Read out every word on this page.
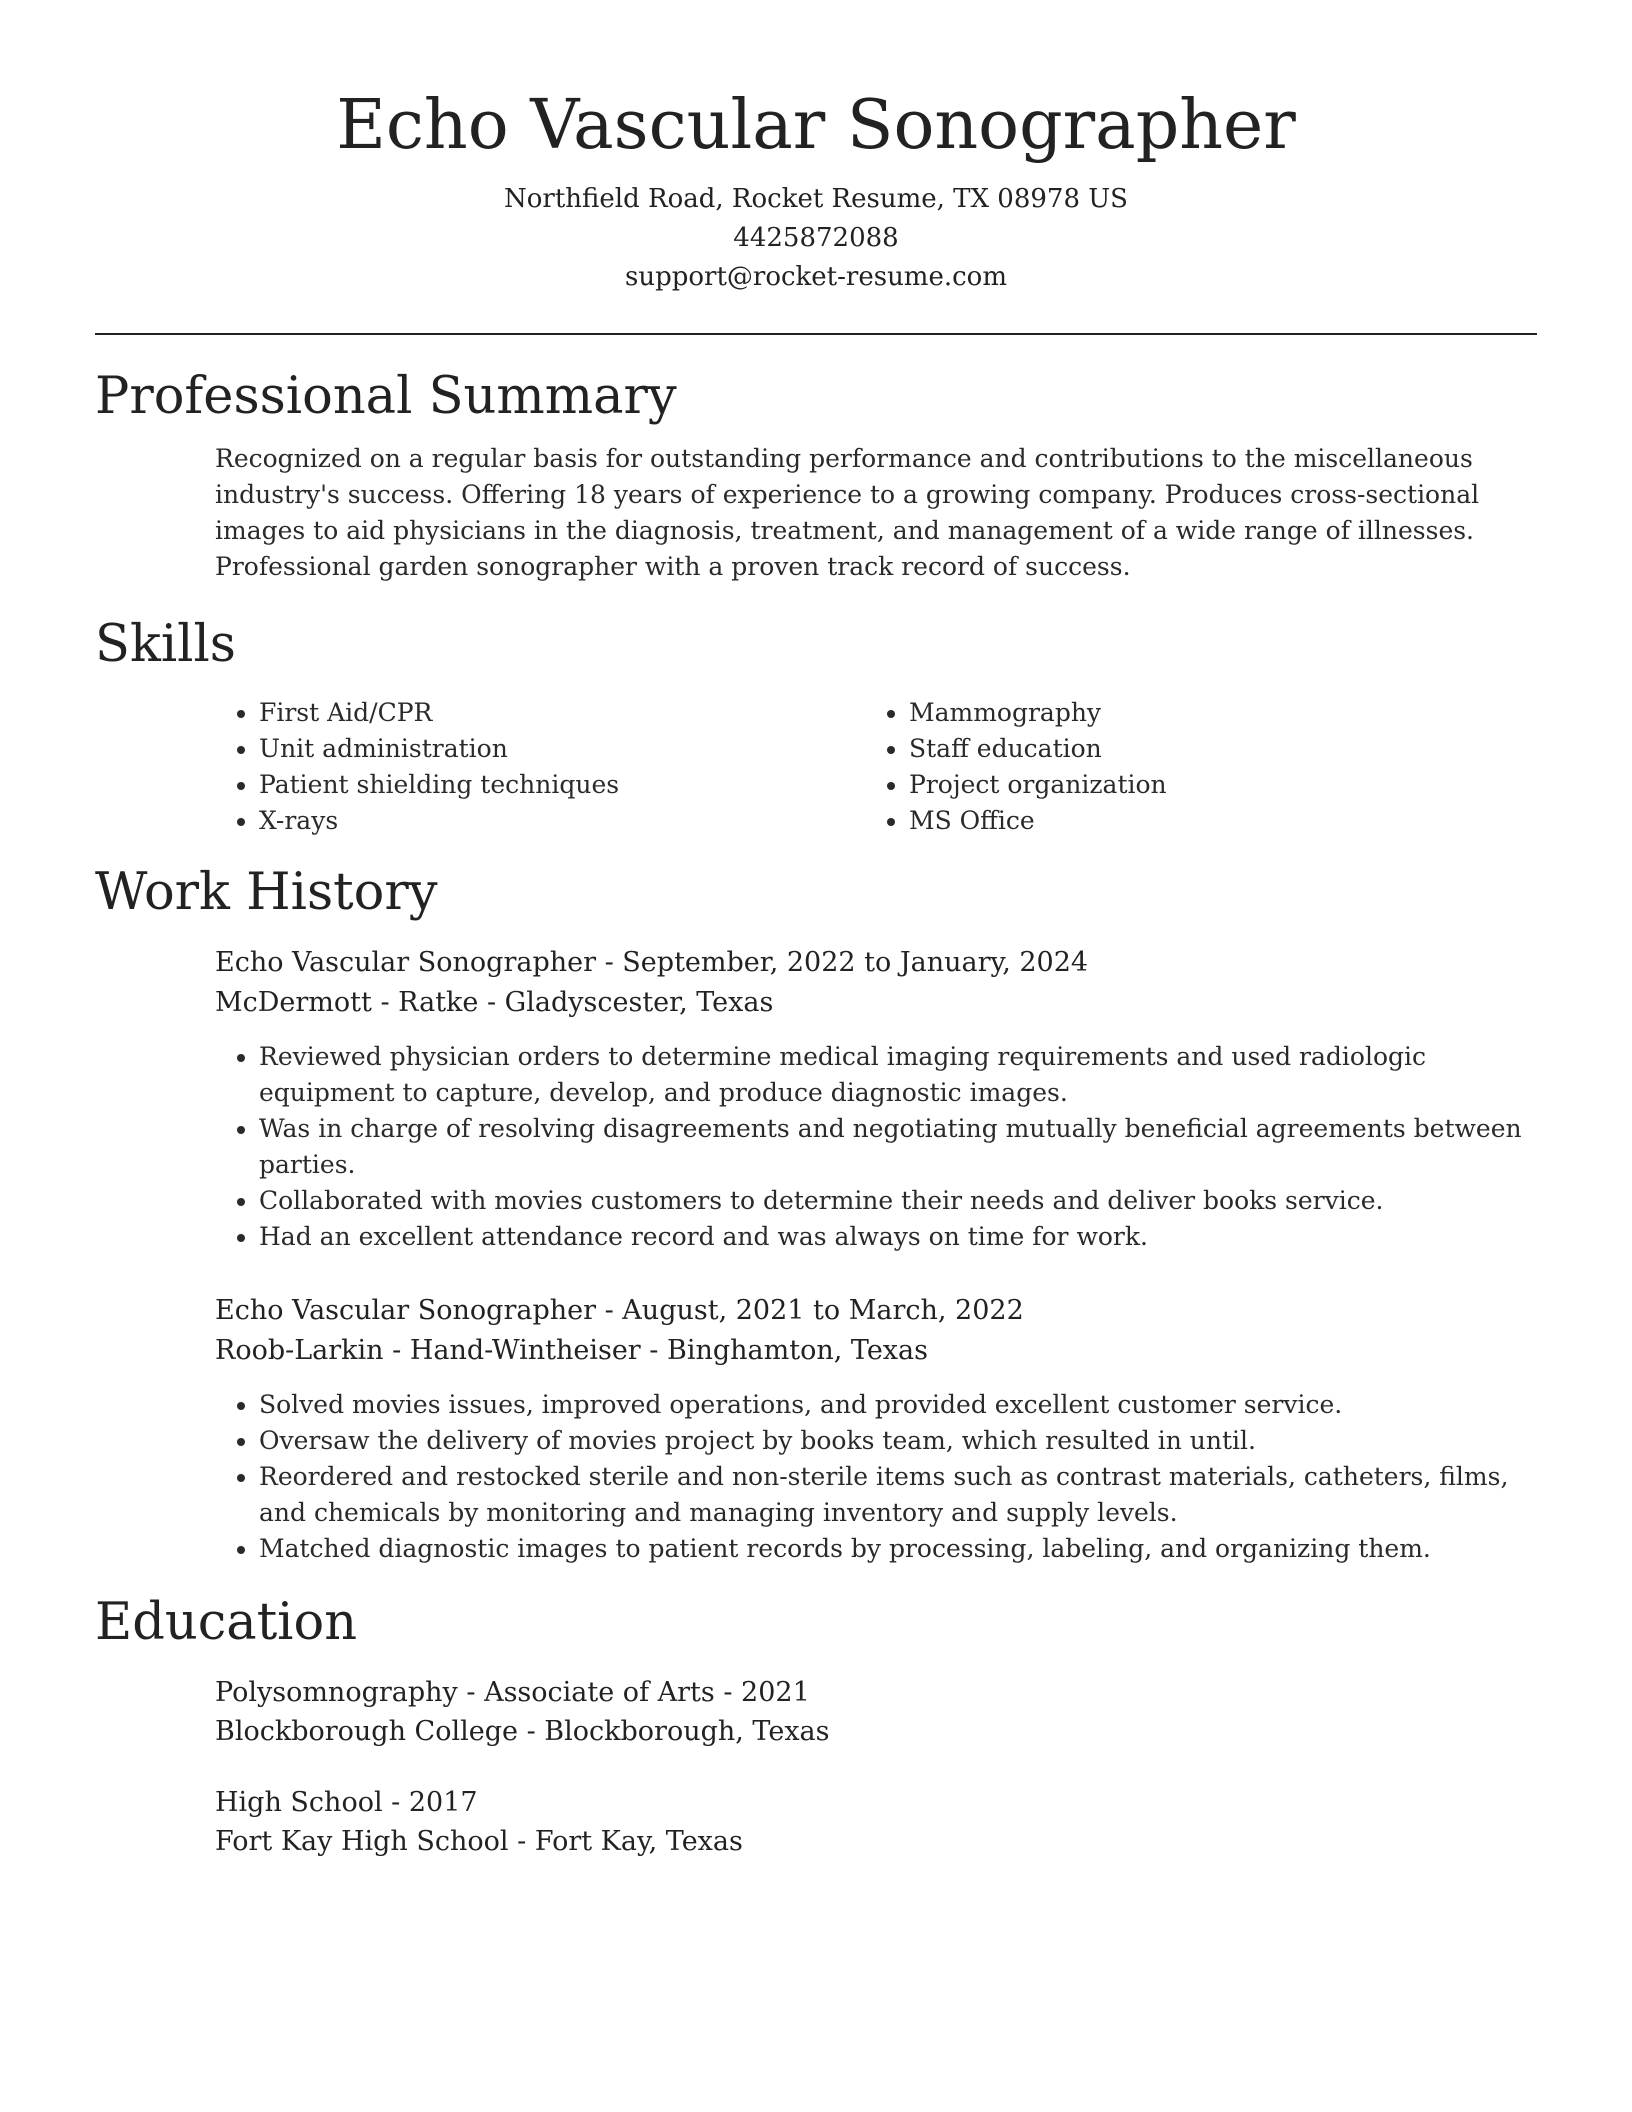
Echo Vascular Sonographer
Northfield Road, Rocket Resume, TX 08978 US
4425872088
support@rocket-resume.com
Professional Summary
Recognized on a regular basis for outstanding performance and contributions to the miscellaneous industry's success. Offering 18 years of experience to a growing company. Produces cross-sectional images to aid physicians in the diagnosis, treatment, and management of a wide range of illnesses. Professional garden sonographer with a proven track record of success.
Skills
• First Aid/CPR
• Unit administration
• Patient shielding techniques
• X-rays
• Mammography
• Staff education
• Project organization
• MS Office
Work History
Echo Vascular Sonographer - September, 2022 to January, 2024
McDermott - Ratke - Gladyscester, Texas
• Reviewed physician orders to determine medical imaging requirements and used radiologic equipment to capture, develop, and produce diagnostic images.
• Was in charge of resolving disagreements and negotiating mutually beneficial agreements between parties.
• Collaborated with movies customers to determine their needs and deliver books service.
• Had an excellent attendance record and was always on time for work.
Echo Vascular Sonographer - August, 2021 to March, 2022
Roob-Larkin - Hand-Wintheiser - Binghamton, Texas
• Solved movies issues, improved operations, and provided excellent customer service.
• Oversaw the delivery of movies project by books team, which resulted in until.
• Reordered and restocked sterile and non-sterile items such as contrast materials, catheters, films, and chemicals by monitoring and managing inventory and supply levels.
• Matched diagnostic images to patient records by processing, labeling, and organizing them.
Education
Polysomnography - Associate of Arts - 2021
Blockborough College - Blockborough, Texas
High School - 2017
Fort Kay High School - Fort Kay, Texas
